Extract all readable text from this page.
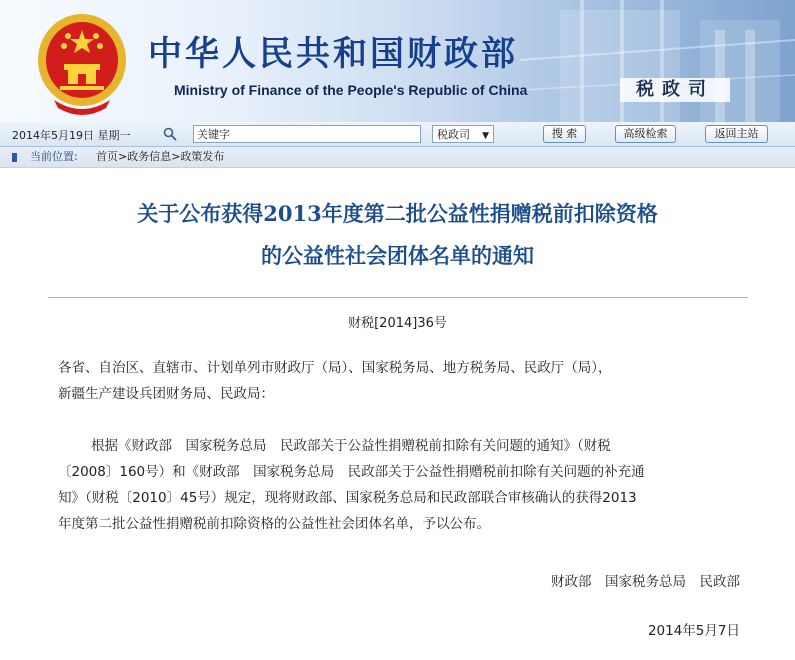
中华人民共和国财政部
Ministry of Finance of the People's Republic of China	税政司
2014年5月19日 星期一
关键字	税政司 ▼	搜 索	高级检索	返回主站
当前位置: 首页>政务信息>政策发布
关于公布获得2013年度第二批公益性捐赠税前扣除资格
的公益性社会团体名单的通知
财税[2014]36号

各省、自治区、直辖市、计划单列市财政厅（局）、国家税务局、地方税务局、民政厅（局），
新疆生产建设兵团财务局、民政局：

根据《财政部　国家税务总局　民政部关于公益性捐赠税前扣除有关问题的通知》（财税
〔2008〕160号）和《财政部　国家税务总局　民政部关于公益性捐赠税前扣除有关问题的补充通
知》（财税〔2010〕45号）规定，现将财政部、国家税务总局和民政部联合审核确认的获得2013
年度第二批公益性捐赠税前扣除资格的公益性社会团体名单，予以公布。

财政部　国家税务总局　民政部
2014年5月7日
